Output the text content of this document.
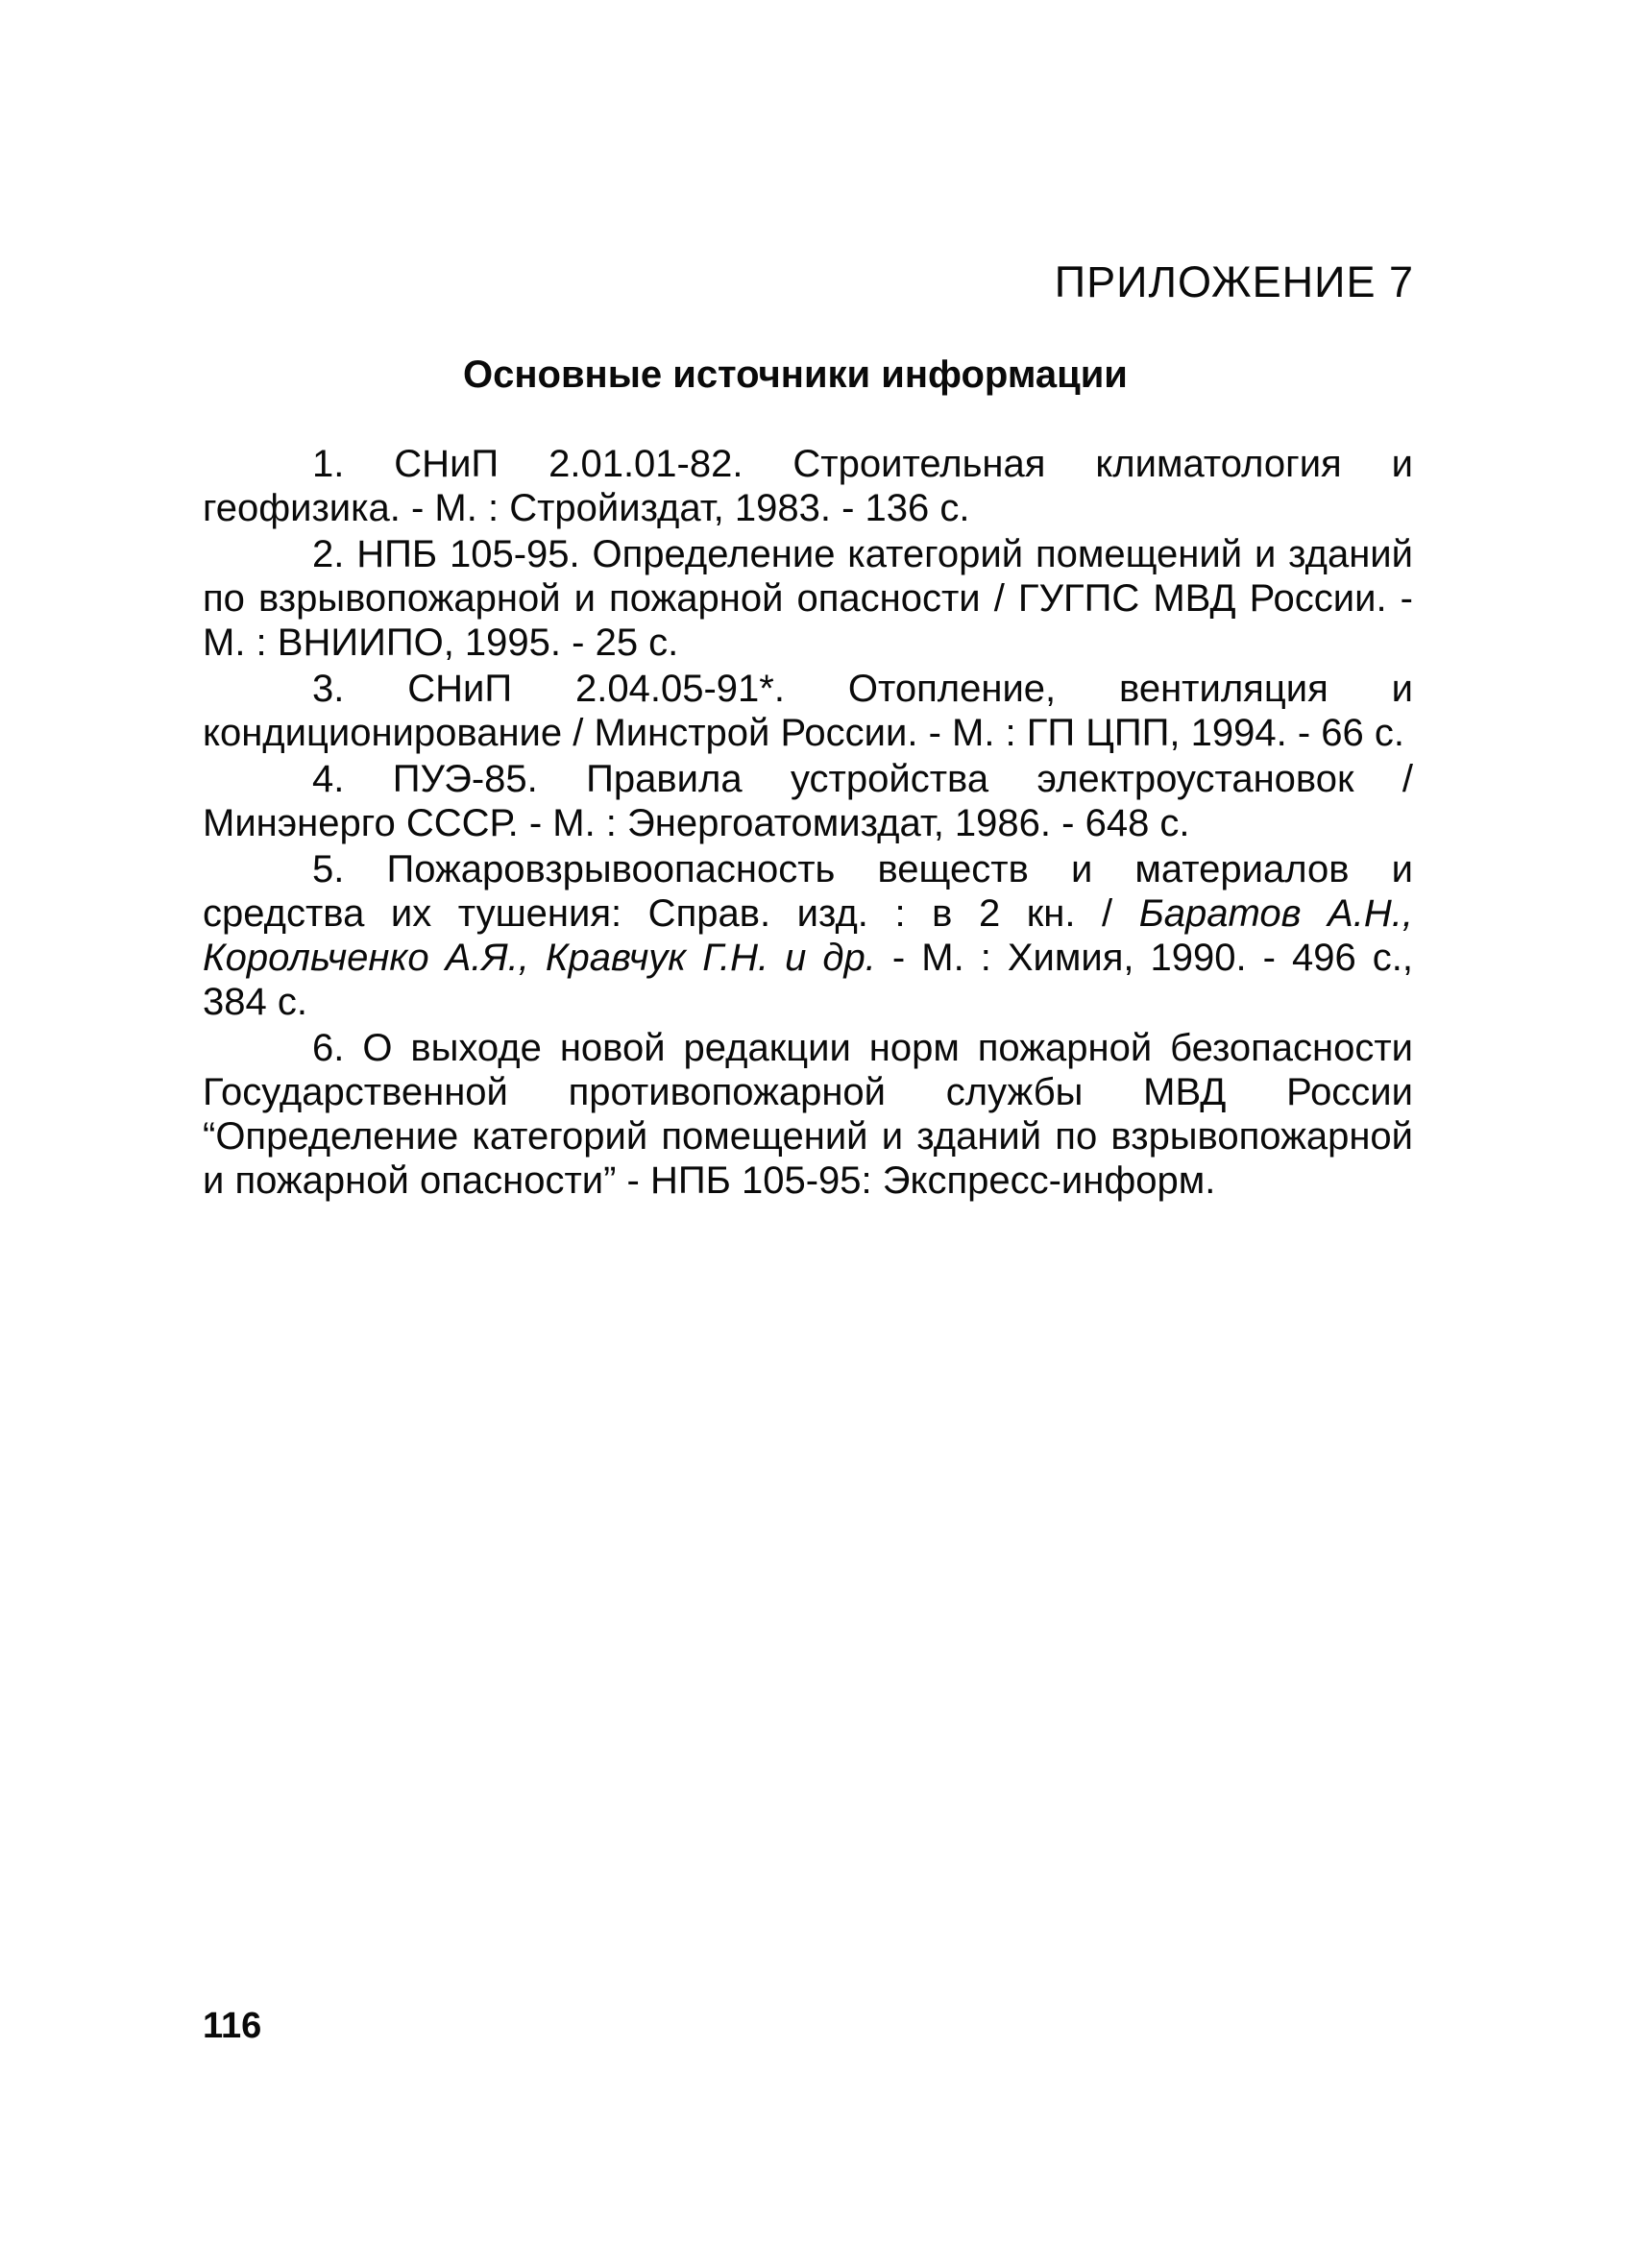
ПРИЛОЖЕНИЕ 7
Основные источники информации
1. СНиП 2.01.01-82. Строительная климатология и геофизика. - М. : Стройиздат, 1983. - 136 с.
2. НПБ 105-95. Определение категорий помещений и зданий по взрывопожарной и пожарной опасности / ГУГПС МВД России. - М. : ВНИИПО, 1995. - 25 с.
3. СНиП 2.04.05-91*. Отопление, вентиляция и кондиционирование / Минстрой России. - М. : ГП ЦПП, 1994. - 66 с.
4. ПУЭ-85. Правила устройства электроустановок / Минэнерго СССР. - М. : Энергоатомиздат, 1986. - 648 с.
5. Пожаровзрывоопасность веществ и материалов и средства их тушения: Справ. изд. : в 2 кн. / Баратов А.Н., Корольченко А.Я., Кравчук Г.Н. и др. - М. : Химия, 1990. - 496 с., 384 с.
6. О выходе новой редакции норм пожарной безопасности Государственной противопожарной службы МВД России “Определение категорий помещений и зданий по взрывопожарной и пожарной опасности” - НПБ 105-95: Экспресс-информ.
116
